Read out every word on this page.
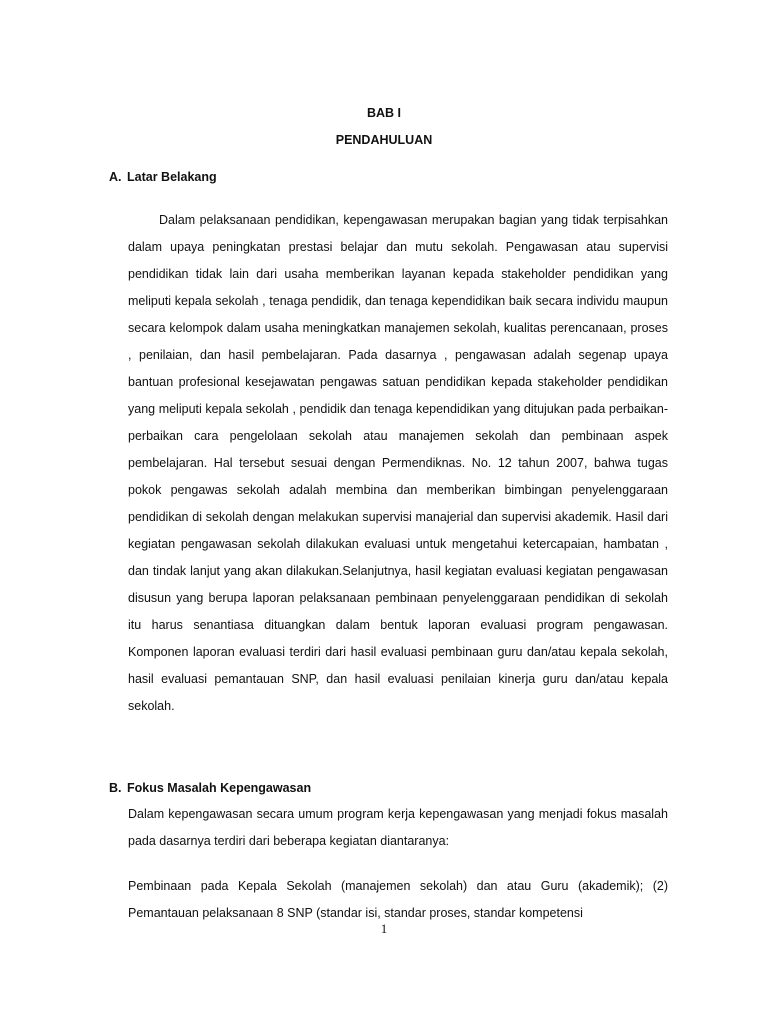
BAB I
PENDAHULUAN
A. Latar Belakang

Dalam pelaksanaan pendidikan, kepengawasan merupakan bagian yang tidak terpisahkan dalam upaya peningkatan prestasi belajar dan mutu sekolah. Pengawasan atau supervisi pendidikan tidak lain dari usaha memberikan layanan kepada stakeholder pendidikan yang meliputi kepala sekolah , tenaga pendidik, dan tenaga kependidikan baik secara individu maupun secara kelompok dalam usaha meningkatkan manajemen sekolah, kualitas perencanaan, proses , penilaian, dan hasil pembelajaran. Pada dasarnya , pengawasan adalah segenap upaya bantuan profesional kesejawatan pengawas satuan pendidikan kepada stakeholder pendidikan yang meliputi kepala sekolah , pendidik dan tenaga kependidikan yang ditujukan pada perbaikan-perbaikan cara pengelolaan sekolah atau manajemen sekolah dan pembinaan aspek pembelajaran. Hal tersebut sesuai dengan Permendiknas. No. 12 tahun 2007, bahwa tugas pokok pengawas sekolah adalah membina dan memberikan bimbingan penyelenggaraan pendidikan di sekolah dengan melakukan supervisi manajerial dan supervisi akademik. Hasil dari kegiatan pengawasan sekolah dilakukan evaluasi untuk mengetahui ketercapaian, hambatan , dan tindak lanjut yang akan dilakukan.Selanjutnya, hasil kegiatan evaluasi kegiatan pengawasan disusun yang berupa laporan pelaksanaan pembinaan penyelenggaraan pendidikan di sekolah itu harus senantiasa dituangkan dalam bentuk laporan evaluasi program pengawasan. Komponen laporan evaluasi terdiri dari hasil evaluasi pembinaan guru dan/atau kepala sekolah, hasil evaluasi pemantauan SNP, dan hasil evaluasi penilaian kinerja guru dan/atau kepala sekolah.

B. Fokus Masalah Kepengawasan

Dalam kepengawasan secara umum program kerja kepengawasan yang menjadi fokus masalah pada dasarnya terdiri dari beberapa kegiatan diantaranya:

Pembinaan pada Kepala Sekolah (manajemen sekolah) dan atau Guru (akademik); (2) Pemantauan pelaksanaan 8 SNP (standar isi, standar proses, standar kompetensi

1
